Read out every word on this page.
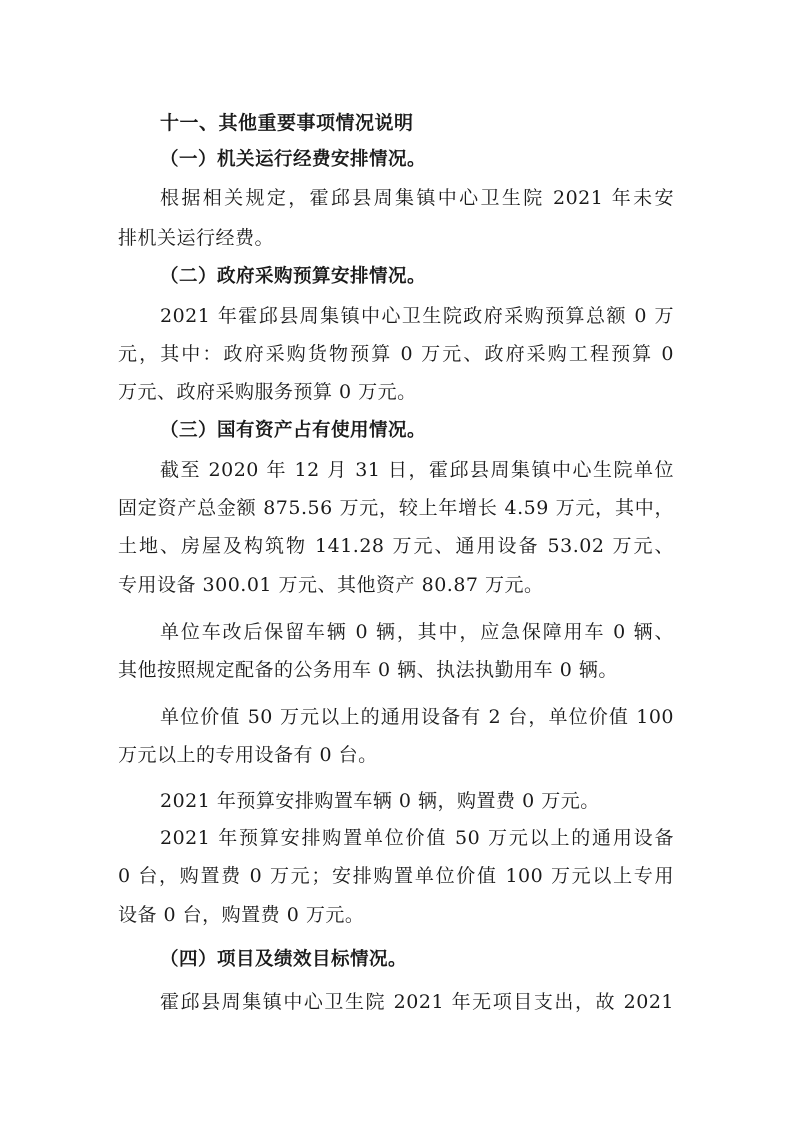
十一、其他重要事项情况说明
（一）机关运行经费安排情况。
根据相关规定，霍邱县周集镇中心卫生院 2021 年未安
排机关运行经费。
（二）政府采购预算安排情况。
2021 年霍邱县周集镇中心卫生院政府采购预算总额 0 万
元，其中：政府采购货物预算 0 万元、政府采购工程预算 0
万元、政府采购服务预算 0 万元。
（三）国有资产占有使用情况。
截至 2020 年 12 月 31 日，霍邱县周集镇中心生院单位
固定资产总金额 875.56 万元，较上年增长 4.59 万元，其中，
土地、房屋及构筑物 141.28 万元、通用设备 53.02 万元、
专用设备 300.01 万元、其他资产 80.87 万元。
单位车改后保留车辆 0 辆，其中，应急保障用车 0 辆、
其他按照规定配备的公务用车 0 辆、执法执勤用车 0 辆。
单位价值 50 万元以上的通用设备有 2 台，单位价值 100
万元以上的专用设备有 0 台。
2021 年预算安排购置车辆 0 辆，购置费 0 万元。
2021 年预算安排购置单位价值 50 万元以上的通用设备
0 台，购置费 0 万元；安排购置单位价值 100 万元以上专用
设备 0 台，购置费 0 万元。
（四）项目及绩效目标情况。
霍邱县周集镇中心卫生院 2021 年无项目支出，故 2021
